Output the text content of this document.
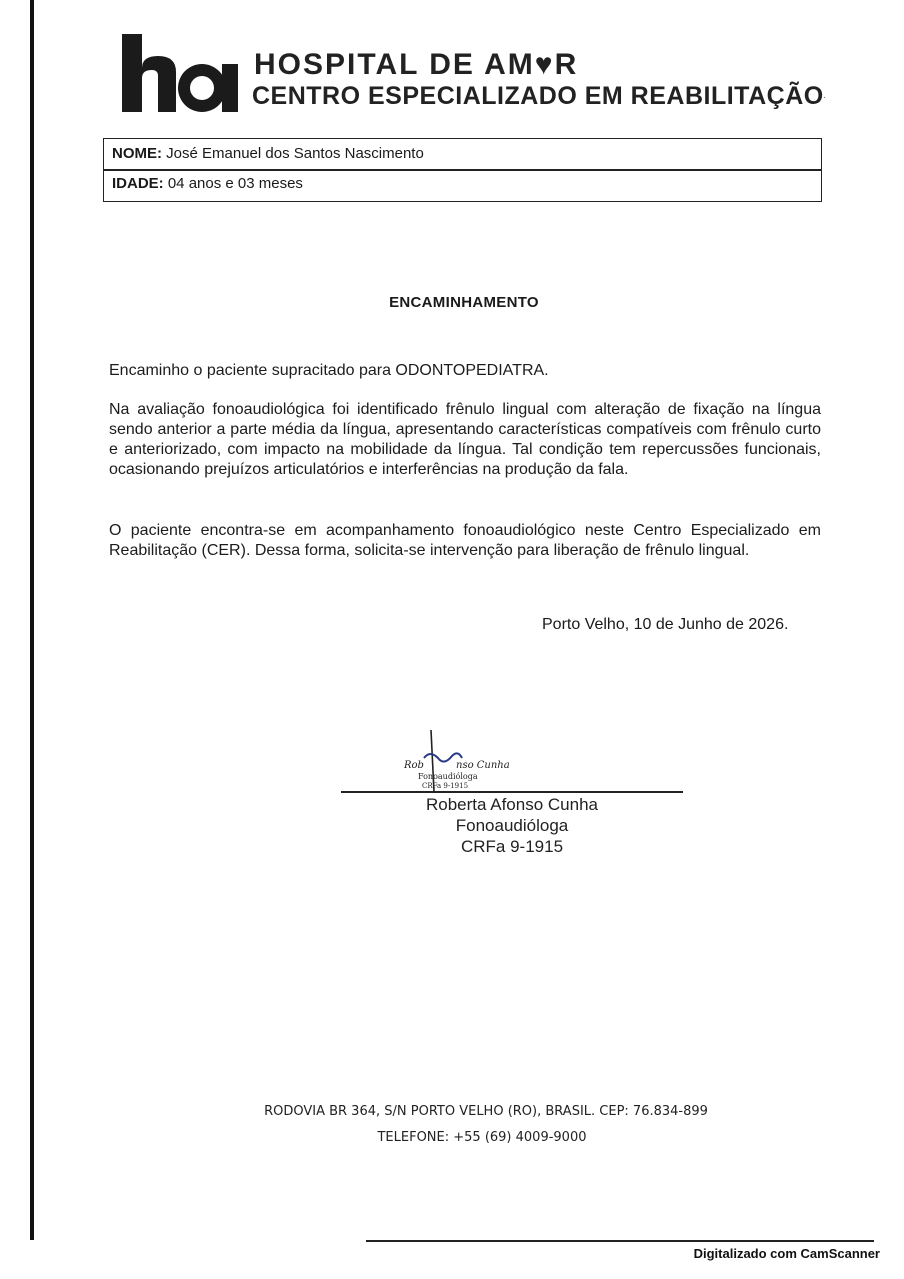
HOSPITAL DE AM♥R
CENTRO ESPECIALIZADO EM REABILITAÇÃO ·
NOME: José Emanuel dos Santos Nascimento
IDADE: 04 anos e 03 meses
ENCAMINHAMENTO
Encaminho o paciente supracitado para ODONTOPEDIATRA.
Na avaliação fonoaudiológica foi identificado frênulo lingual com alteração de fixação na língua sendo anterior a parte média da língua, apresentando características compatíveis com frênulo curto e anteriorizado, com impacto na mobilidade da língua. Tal condição tem repercussões funcionais, ocasionando prejuízos articulatórios e interferências na produção da fala.
O paciente encontra-se em acompanhamento fonoaudiológico neste Centro Especializado em Reabilitação (CER). Dessa forma, solicita-se intervenção para liberação de frênulo lingual.
Porto Velho, 10 de Junho de 2026.
Rob	nso Cunha
Fonoaudióloga
CRFa 9-1915
Roberta Afonso Cunha
Fonoaudióloga
CRFa 9-1915
RODOVIA BR 364, S/N PORTO VELHO (RO), BRASIL. CEP: 76.834-899
TELEFONE: +55 (69) 4009-9000
Digitalizado com CamScanner
